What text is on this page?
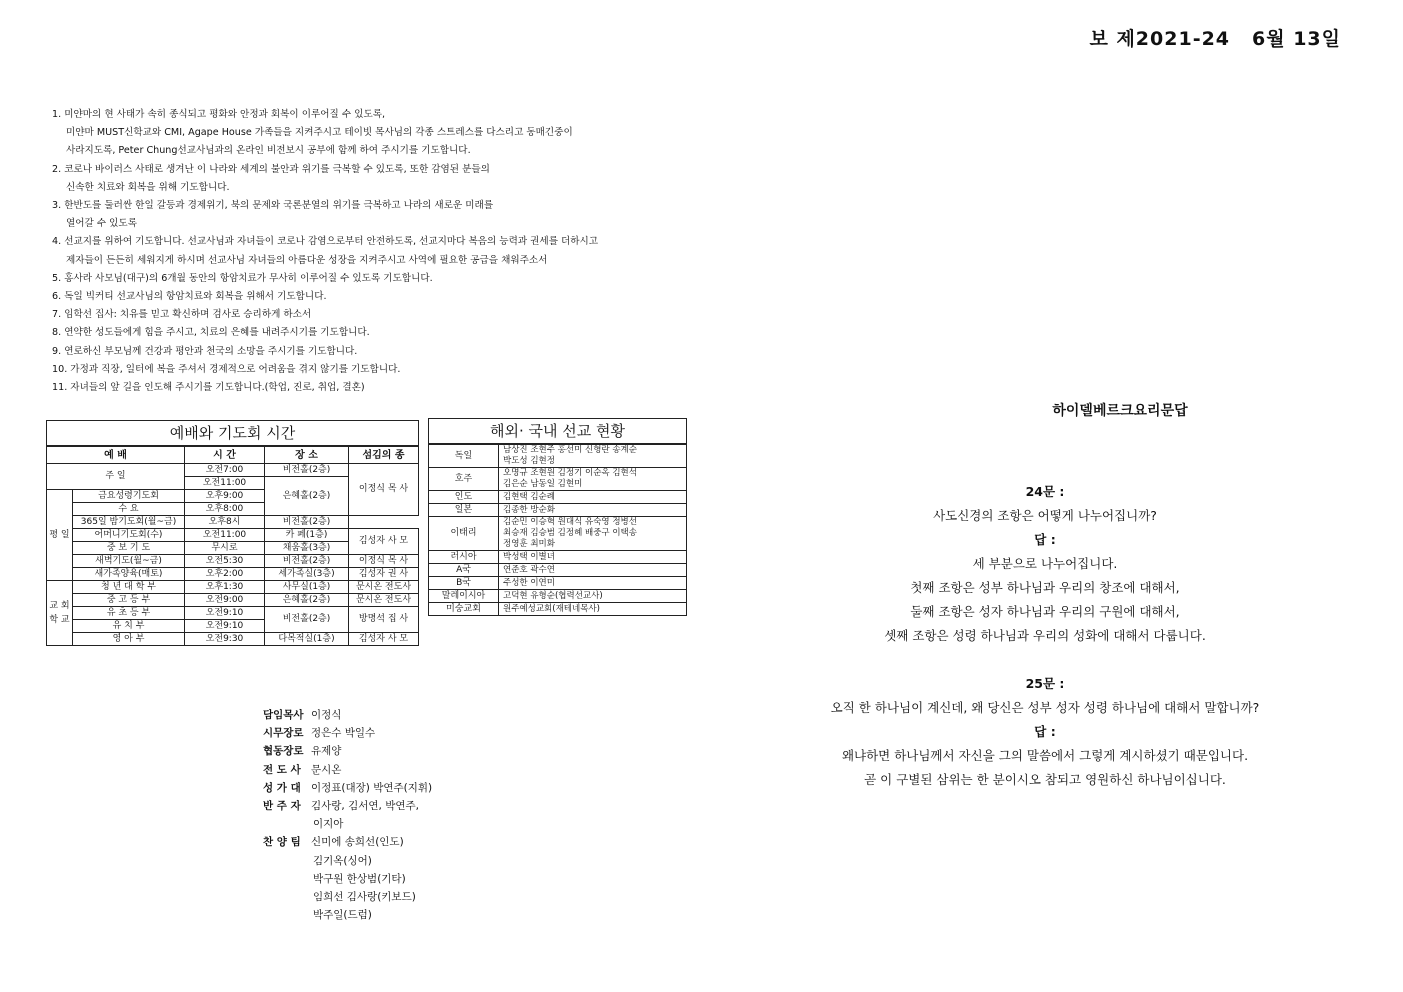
보 제2021-24 6월 13일
1. 미얀마의 현 사태가 속히 종식되고 평화와 안정과 회복이 이루어질 수 있도록,
미얀마 MUST신학교와 CMI, Agape House 가족들을 지켜주시고 테이빗 목사님의 각종 스트레스를 다스리고 동매긴중이
사라지도록, Peter Chung선교사님과의 온라인 비전보시 공부에 함께 하여 주시기를 기도합니다.
2. 코로나 바이러스 사태로 생겨난 이 나라와 세계의 불안과 위기를 극복할 수 있도록, 또한 감염된 분들의
신속한 치료와 회복을 위해 기도합니다.
3. 한반도를 둘러싼 한일 갈등과 경제위기, 북의 문제와 국론분열의 위기를 극복하고 나라의 새로운 미래를
열어갈 수 있도록
4. 선교지를 위하여 기도합니다. 선교사님과 자녀들이 코로나 감염으로부터 안전하도록, 선교지마다 복음의 능력과 권세를 더하시고
제자들이 든든히 세워지게 하시며 선교사님 자녀들의 아름다운 성장을 지켜주시고 사역에 필요한 공급을 채워주소서
5. 홍사라 사모님(대구)의 6개월 동안의 항암치료가 무사히 이루어질 수 있도록 기도합니다.
6. 독일 빅커티 선교사님의 항암치료와 회복을 위해서 기도합니다.
7. 임학선 집사: 치유를 믿고 확신하며 검사로 승리하게 하소서
8. 연약한 성도들에게 힘을 주시고, 치료의 은혜를 내려주시기를 기도합니다.
9. 연로하신 부모님께 건강과 평안과 천국의 소망을 주시기를 기도합니다.
10. 가정과 직장, 일터에 복을 주셔서 경제적으로 어려움을 겪지 않기를 기도합니다.
11. 자녀들의 앞 길을 인도해 주시기를 기도합니다.(학업, 진로, 취업, 결혼)
예배와 기도회 시간				
예 배		시 간	장 소	섬김의 종
주 일		오전7:00	비전홀(2층)	이정식 목 사
		오전11:00	은혜홀(2층)	
평 일	금요성령기도회	오후9:00		
	수 요	오후8:00		
	365일 밤기도회(월~금)	오후8시	비전홀(2층)	
	어머니기도회(수)	오전11:00	카 페(1층)	김성자 사 모
	중 보 기 도	무시로	채움홀(3층)	
	새벽기도(월~금)	오전5:30	비전홀(2층)	이정식 목 사
	새가족양육(매토)	오후2:00	세가족실(3층)	김성자 권 사
교 회 학 교	청 년 대 학 부	오후1:30	사무실(1층)	문시온 전도사
	중 고 등 부	오전9:00	은혜홀(2층)	문시온 전도사
	유 초 등 부	오전9:10	비전홀(2층)	방명석 집 사
	유 치 부	오전9:10		
	영 아 부	오전9:30	다목적실(1층)	김성자 사 모
해외· 국내 선교 현황	
독일	남상진 조현주 홍선미 신형란 송계순
박도성 김현정

호주	오명규 조현원 김정기 이순옥 김현석
김은순 남동일 김현미

인도	김현택 김순례

일본	김종한 방순화

이태리	김순민 이승혁 원대식 유숙영 정병선
최승재 김승범 김정혜 배중구 이택송
정영훈 최미화

러시아	박성택 이별녀

A국	연준호 곽수연

B국	주성한 이연미

말레이시아	고덕현 유형순(협력선교사)

미숭교회	원주예성교회(재테네목사)
담임목사 이정식
시무장로 정은수 박일수
협동장로 유제양
전 도 사 문시온
성 가 대 이정표(대장) 박연주(지휘)
반 주 자 김사랑, 김서연, 박연주,
이지아
찬 양 팀 신미에 송희선(인도)
김기옥(싱어)
박구원 한상범(기타)
임희선 김사랑(키보드)
박주일(드럼)
하이델베르크요리문답
24문 :
사도신경의 조항은 어떻게 나누어집니까?
답 :
세 부분으로 나누어집니다.
첫째 조항은 성부 하나님과 우리의 창조에 대해서,
둘째 조항은 성자 하나님과 우리의 구원에 대해서,
셋째 조항은 성령 하나님과 우리의 성화에 대해서 다룹니다.
25문 :
오직 한 하나님이 계신데, 왜 당신은 성부 성자 성령 하나님에 대해서 말합니까?
답 :
왜냐하면 하나님께서 자신을 그의 말씀에서 그렇게 계시하셨기 때문입니다.
곧 이 구별된 삼위는 한 분이시오 참되고 영원하신 하나님이십니다.
